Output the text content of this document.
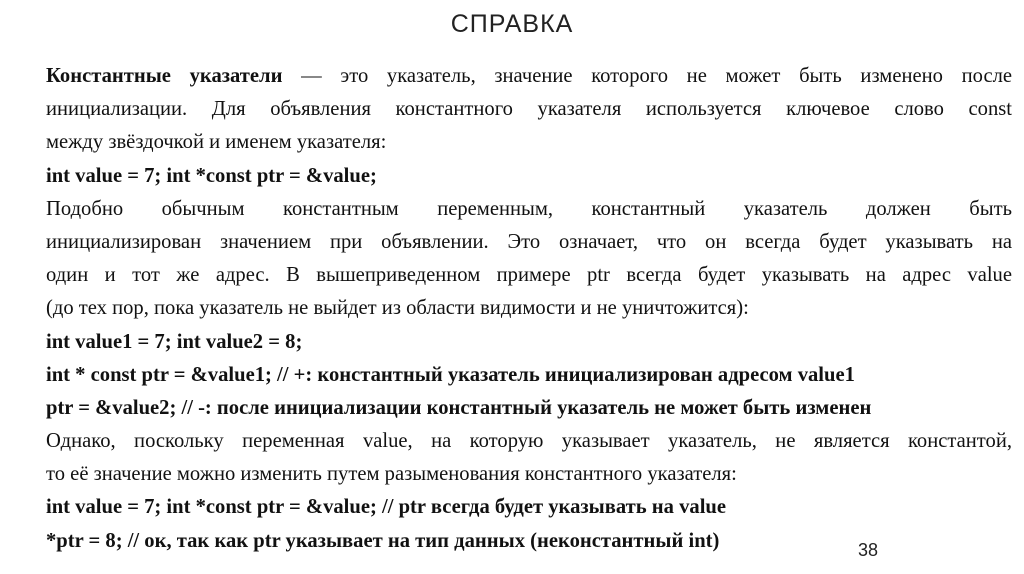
СПРАВКА
Константные указатели — это указатель, значение которого не может быть изменено после
инициализации. Для объявления константного указателя используется ключевое слово const
между звёздочкой и именем указателя:
int value = 7; int *const ptr = &value;
Подобно обычным константным переменным, константный указатель должен быть
инициализирован значением при объявлении. Это означает, что он всегда будет указывать на
один и тот же адрес. В вышеприведенном примере ptr всегда будет указывать на адрес value
(до тех пор, пока указатель не выйдет из области видимости и не уничтожится):
int value1 = 7; int value2 = 8;
int * const ptr = &value1; // +: константный указатель инициализирован адресом value1
ptr = &value2; // -: после инициализации константный указатель не может быть изменен
Однако, поскольку переменная value, на которую указывает указатель, не является константой,
то её значение можно изменить путем разыменования константного указателя:
int value = 7; int *const ptr = &value; // ptr всегда будет указывать на value
*ptr = 8; // ок, так как ptr указывает на тип данных (неконстантный int)	38
